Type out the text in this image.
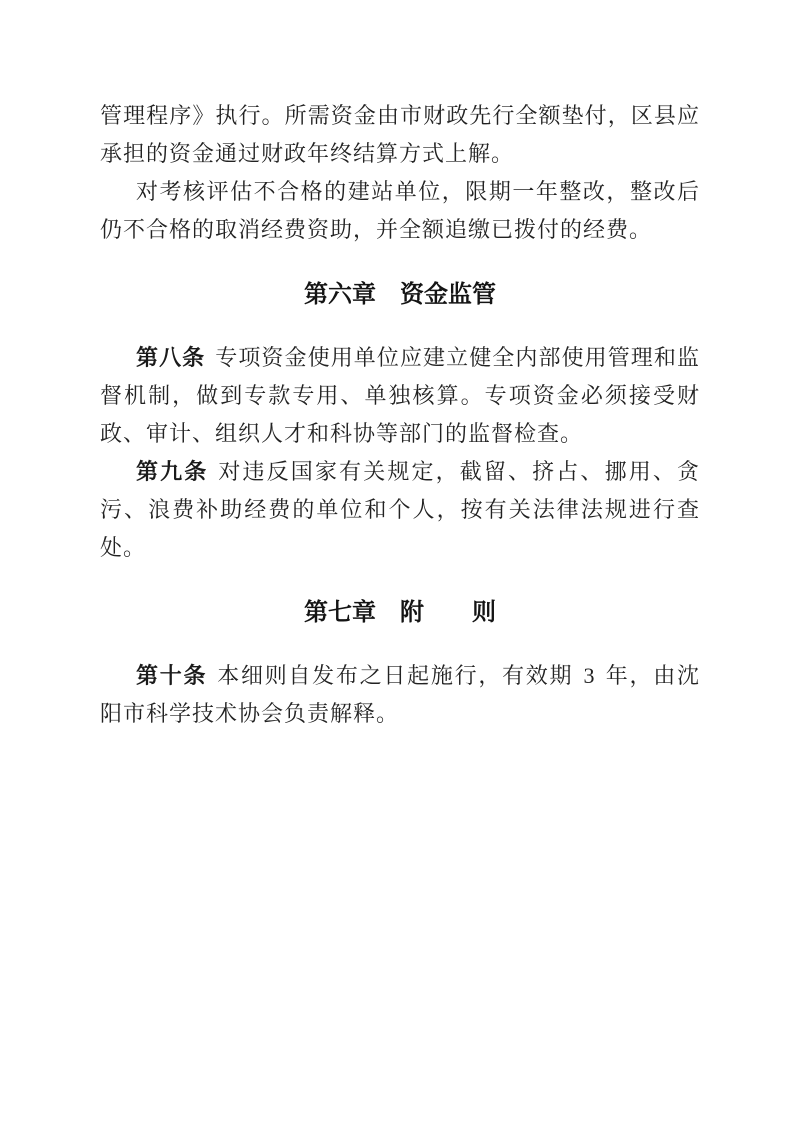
管理程序》执行。所需资金由市财政先行全额垫付，区县应承担的资金通过财政年终结算方式上解。

对考核评估不合格的建站单位，限期一年整改，整改后仍不合格的取消经费资助，并全额追缴已拨付的经费。

第六章　资金监管

第八条 专项资金使用单位应建立健全内部使用管理和监督机制，做到专款专用、单独核算。专项资金必须接受财政、审计、组织人才和科协等部门的监督检查。

第九条 对违反国家有关规定，截留、挤占、挪用、贪污、浪费补助经费的单位和个人，按有关法律法规进行查处。

第七章　附　　则

第十条 本细则自发布之日起施行，有效期 3 年，由沈阳市科学技术协会负责解释。
